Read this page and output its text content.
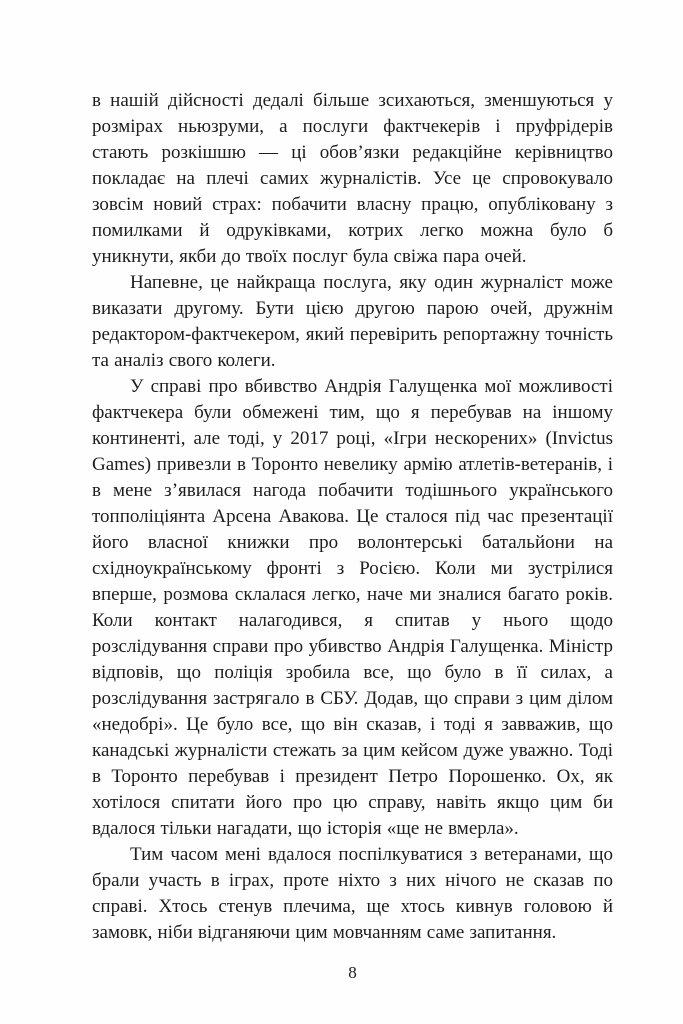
в нашій дійсності дедалі більше зсихаються, зменшуються у розмірах ньюзруми, а послуги фактчекерів і пруфрідерів стають розкішшю — ці обов’язки редакційне керівництво покладає на плечі самих журналістів. Усе це спровокувало зовсім новий страх: побачити власну працю, опубліковану з помилками й одруківками, котрих легко можна було б уникнути, якби до твоїх послуг була свіжа пара очей.

Напевне, це найкраща послуга, яку один журналіст може виказати другому. Бути цією другою парою очей, дружнім редактором-фактчекером, який перевірить репортажну точність та аналіз свого колеги.

У справі про вбивство Андрія Галущенка мої можливості фактчекера були обмежені тим, що я перебував на іншому континенті, але тоді, у 2017 році, «Ігри нескорених» (Invictus Games) привезли в Торонто невелику армію атлетів-ветеранів, і в мене з’явилася нагода побачити тодішнього українського топполіціянта Арсена Авакова. Це сталося під час презентації його власної книжки про волонтерські батальйони на східноукраїнському фронті з Росією. Коли ми зустрілися вперше, розмова склалася легко, наче ми зналися багато років. Коли контакт налагодився, я спитав у нього щодо розслідування справи про убивство Андрія Галущенка. Міністр відповів, що поліція зробила все, що було в її силах, а розслідування застрягало в СБУ. Додав, що справи з цим ділом «недобрі». Це було все, що він сказав, і тоді я завважив, що канадські журналісти стежать за цим кейсом дуже уважно. Тоді в Торонто перебував і президент Петро Порошенко. Ох, як хотілося спитати його про цю справу, навіть якщо цим би вдалося тільки нагадати, що історія «ще не вмерла».

Тим часом мені вдалося поспілкуватися з ветеранами, що брали участь в іграх, проте ніхто з них нічого не сказав по справі. Хтось стенув плечима, ще хтось кивнув головою й замовк, ніби відганяючи цим мовчанням саме запитання.

8
